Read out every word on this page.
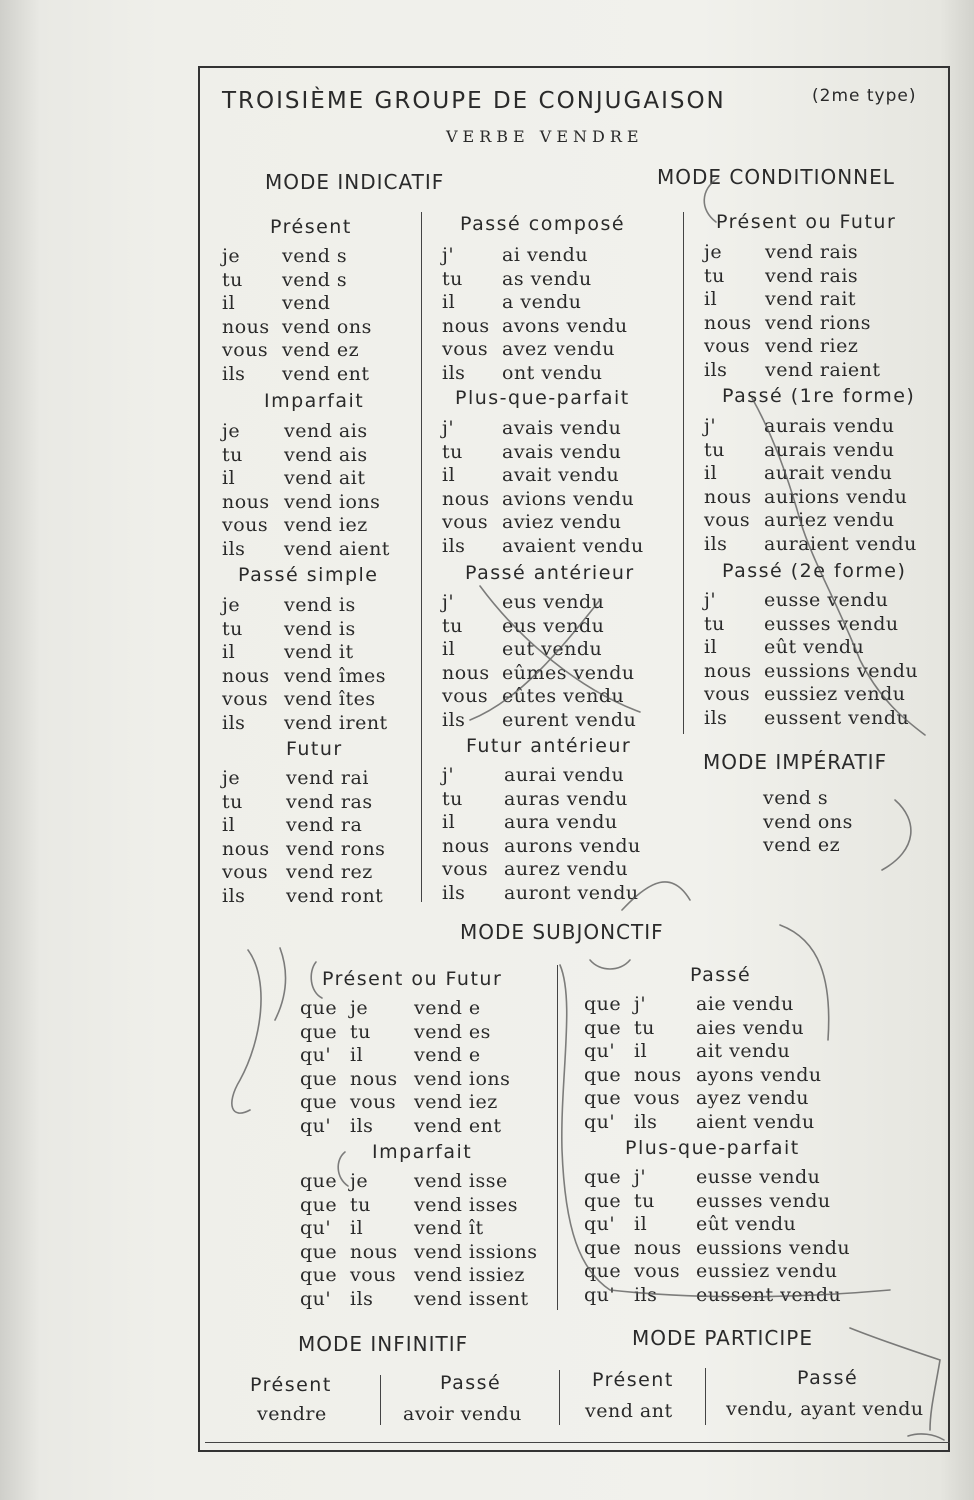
TROISIÈME GROUPE DE CONJUGAISON	(2me type)
VERBE VENDRE
MODE INDICATIF	MODE CONDITIONNEL
Présent
je vend s
tu vend s
il vend
nous vend ons
vous vend ez
ils vend ent
Imparfait
je vend ais
tu vend ais
il	vend ait
nous vend ions
vous vend iez
ils vend aient
Passé simple
je vend is
tu vend is
il	vend it
nous vend îmes
vous vend îtes
ils vend irent
Futur
je vend rai
tu vend ras
il	vend ra
nous vend rons
vous vend rez
ils vend ront
Passé composé
j'	ai vendu
tu as vendu
il a vendu
nous avons vendu
vous avez vendu
ils ont vendu
Plus-que-parfait
j'	avais vendu
tu avais vendu
il avait vendu
nous avions vendu
vous aviez vendu
ils avaient vendu
Passé antérieur
j'	eus vendu
tu eus vendu
il eut vendu
nous eûmes vendu
vous eûtes vendu
ils eurent vendu
Futur antérieur
j'	aurai vendu
tu auras vendu
il	aura vendu
nous aurons vendu
vous aurez vendu
ils auront vendu
Présent ou Futur
je vend rais
tu vend rais
il	vend rait
nous vend rions
vous vend riez
ils vend raient
Passé (1re forme)
j'	aurais vendu
tu aurais vendu
il aurait vendu
nous aurions vendu
vous auriez vendu
ils auraient vendu
Passé (2e forme)
j'	eusse vendu
tu eusses vendu
il eût vendu
nous eussions vendu
vous eussiez vendu
ils eussent vendu
Présent ou Futur
que je vend e
que tu vend es
qu' il	vend e
que nous vend ions
que vous vend iez
qu' ils vend ent
Imparfait
que je vend isse
que tu vend isses
qu' il	vend ît
que nous vend issions
que vous vend issiez
qu' ils vend issent
Passé
que j'	aie vendu
que tu aies vendu
qu' il	ait vendu
que nous ayons vendu
que vous ayez vendu
qu' ils aient vendu
Plus-que-parfait
que j'	eusse vendu
que tu eusses vendu
qu' il	eût vendu
que nous eussions vendu
que vous eussiez vendu
qu' ils eussent vendu
vend s
vend ons
vend ez
MODE IMPÉRATIF
MODE SUBJONCTIF
MODE INFINITIF	MODE PARTICIPE
Présent
vendre
Passé
avoir vendu
Présent
vend ant
Passé
vendu, ayant vendu
